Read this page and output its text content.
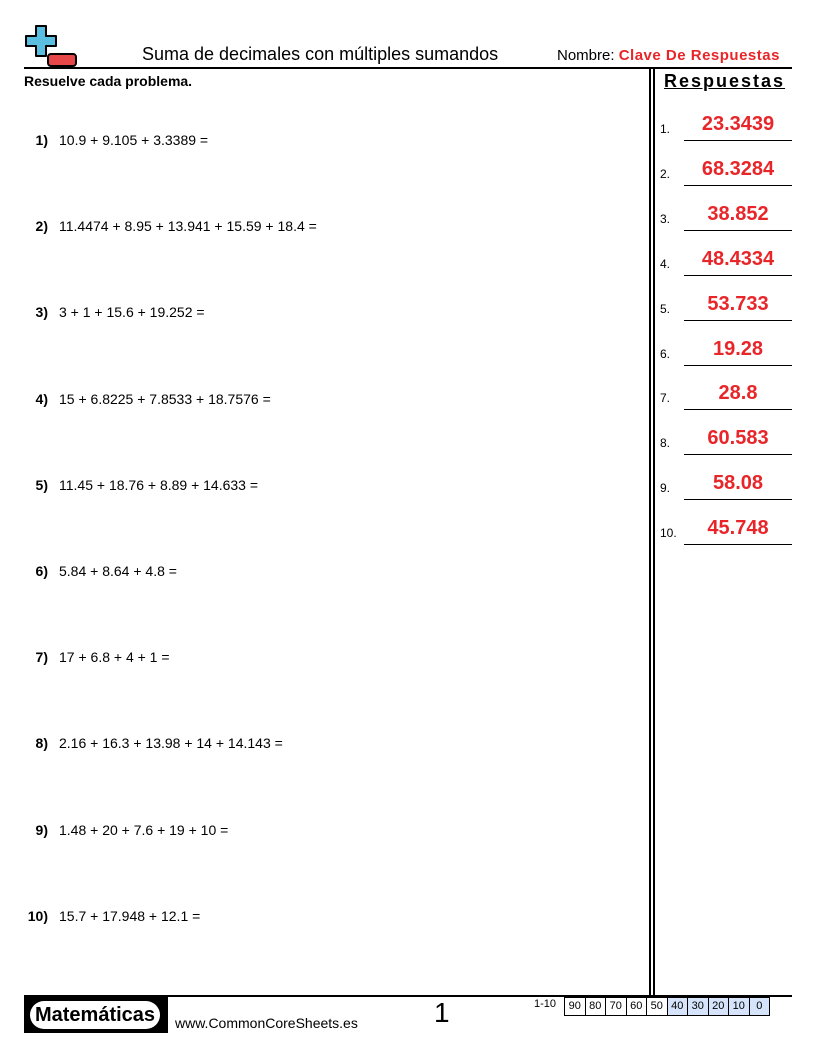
Suma de decimales con múltiples sumandos	Nombre: Clave De Respuestas
Resuelve cada problema.	Respuestas
1) 10.9 + 9.105 + 3.3389 =
2) 11.4474 + 8.95 + 13.941 + 15.59 + 18.4 =
3) 3 + 1 + 15.6 + 19.252 =
4) 15 + 6.8225 + 7.8533 + 18.7576 =
5) 11.45 + 18.76 + 8.89 + 14.633 =
6) 5.84 + 8.64 + 4.8 =
7) 17 + 6.8 + 4 + 1 =
8) 2.16 + 16.3 + 13.98 + 14 + 14.143 =
9) 1.48 + 20 + 7.6 + 19 + 10 =
10) 15.7 + 17.948 + 12.1 =
1.	23.3439
2.	68.3284
3.	38.852
4.	48.4334
5.	53.733
6.	19.28
7.	28.8
8.	60.583
9.	58.08
10.	45.748
Matemáticas	www.CommonCoreSheets.es	1	1-10	90 80 70 60 50 40 30 20 10	0
